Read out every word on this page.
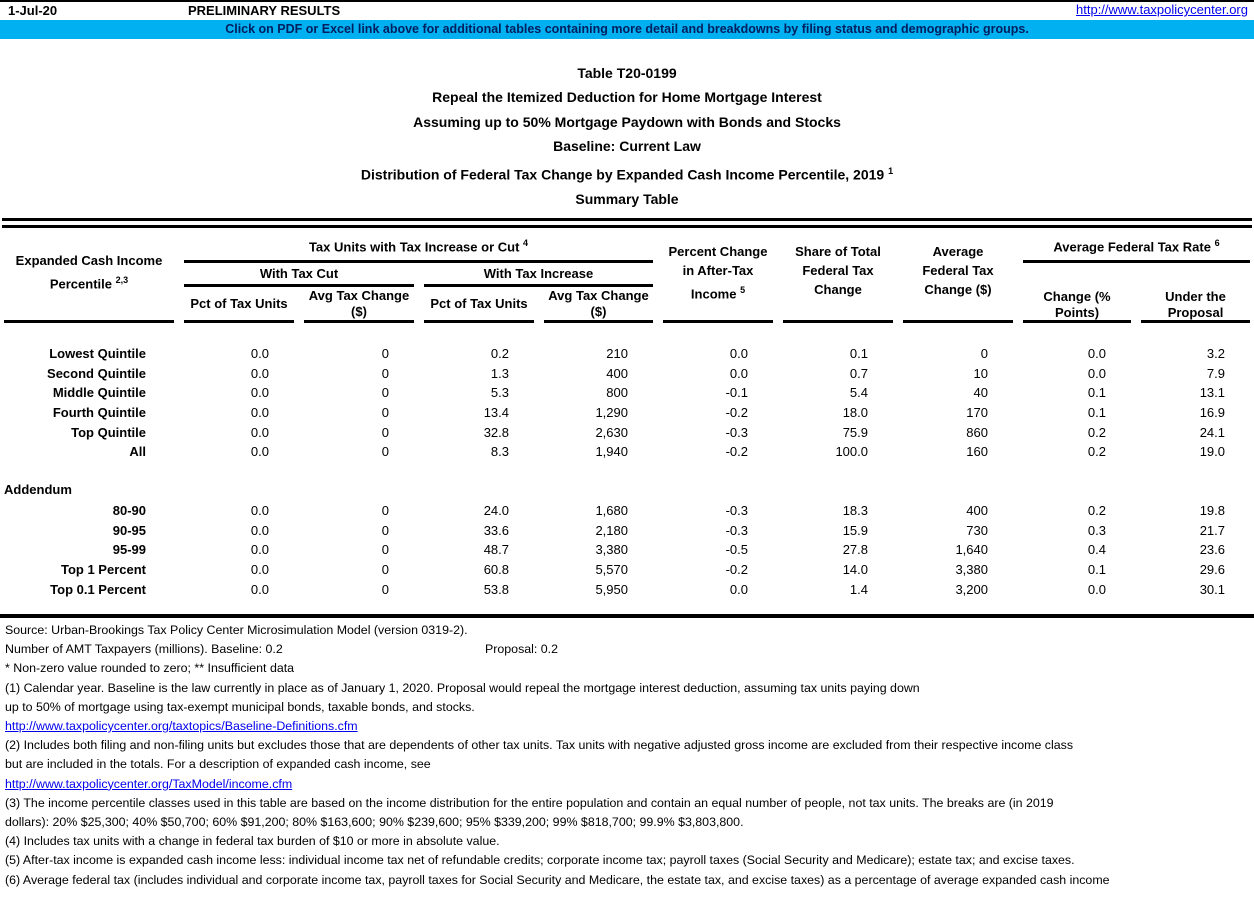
1-Jul-20	PRELIMINARY RESULTS	http://www.taxpolicycenter.org
Click on PDF or Excel link above for additional tables containing more detail and breakdowns by filing status and demographic groups.
Table T20-0199
Repeal the Itemized Deduction for Home Mortgage Interest
Assuming up to 50% Mortgage Paydown with Bonds and Stocks
Baseline: Current Law
Distribution of Federal Tax Change by Expanded Cash Income Percentile, 2019 $^1$
Summary Table
Tax Units with Tax Increase or Cut $^4$
With Tax Cut	With Tax Increase
Expanded Cash Income
Percentile $^{2,3}$
Pct of Tax Units
Avg Tax Change
($)
Pct of Tax Units
Avg Tax Change
($)
Percent Change
in After-Tax
Income $^5$
Share of Total
Federal Tax
Change
Average
Federal Tax
Change ($)
Average Federal Tax Rate $^6$
Change (%
Points)
Under the
Proposal
Lowest Quintile	0.0	0	0.2	210	0.0	0.1	0	0.0	3.2
Second Quintile	0.0	0	1.3	400	0.0	0.7	10	0.0	7.9
Middle Quintile	0.0	0	5.3	800	-0.1	5.4	40	0.1	13.1
Fourth Quintile	0.0	0	13.4	1,290	-0.2	18.0	170	0.1	16.9
Top Quintile	0.0	0	32.8	2,630	-0.3	75.9	860	0.2	24.1
All	0.0	0	8.3	1,940	-0.2	100.0	160	0.2	19.0
Addendum
80-90	0.0	0	24.0	1,680	-0.3	18.3	400	0.2	19.8
90-95	0.0	0	33.6	2,180	-0.3	15.9	730	0.3	21.7
95-99	0.0	0	48.7	3,380	-0.5	27.8	1,640	0.4	23.6
Top 1 Percent	0.0	0	60.8	5,570	-0.2	14.0	3,380	0.1	29.6
Top 0.1 Percent	0.0	0	53.8	5,950	0.0	1.4	3,200	0.0	30.1
Source: Urban-Brookings Tax Policy Center Microsimulation Model (version 0319-2).
Number of AMT Taxpayers (millions). Baseline: 0.2	Proposal: 0.2
* Non-zero value rounded to zero; ** Insufficient data
(1) Calendar year. Baseline is the law currently in place as of January 1, 2020. Proposal would repeal the mortgage interest deduction, assuming tax units paying down
up to 50% of mortgage using tax-exempt municipal bonds, taxable bonds, and stocks.
http://www.taxpolicycenter.org/taxtopics/Baseline-Definitions.cfm
(2) Includes both filing and non-filing units but excludes those that are dependents of other tax units. Tax units with negative adjusted gross income are excluded from their respective income class
but are included in the totals. For a description of expanded cash income, see
http://www.taxpolicycenter.org/TaxModel/income.cfm
(3) The income percentile classes used in this table are based on the income distribution for the entire population and contain an equal number of people, not tax units. The breaks are (in 2019
dollars): 20% $25,300; 40% $50,700; 60% $91,200; 80% $163,600; 90% $239,600; 95% $339,200; 99% $818,700; 99.9% $3,803,800.
(4) Includes tax units with a change in federal tax burden of $10 or more in absolute value.
(5) After-tax income is expanded cash income less: individual income tax net of refundable credits; corporate income tax; payroll taxes (Social Security and Medicare); estate tax; and excise taxes.
(6) Average federal tax (includes individual and corporate income tax, payroll taxes for Social Security and Medicare, the estate tax, and excise taxes) as a percentage of average expanded cash income
